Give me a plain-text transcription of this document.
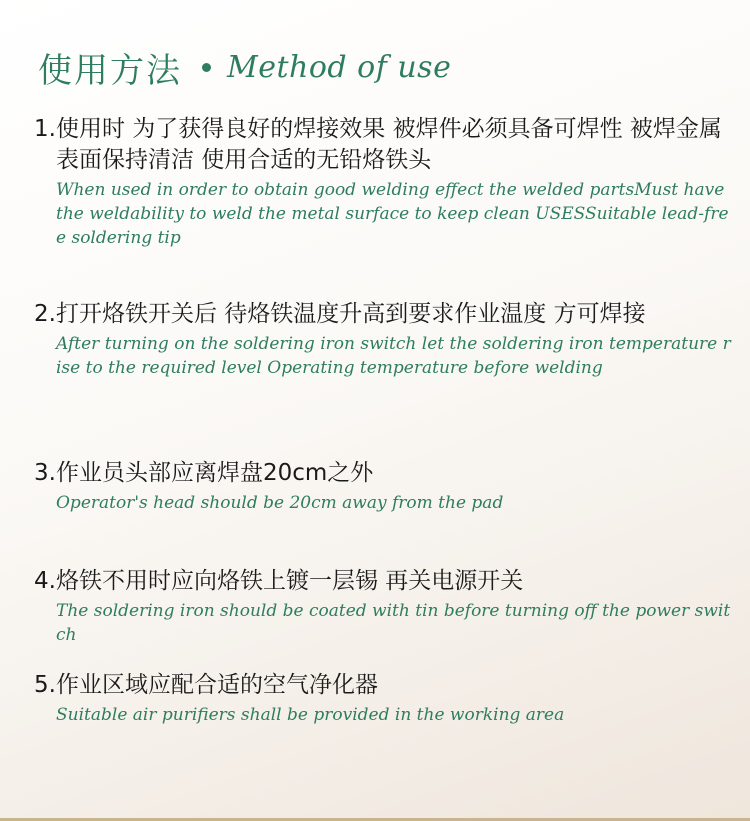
使用方法 Method of use
1.使用时 为了获得良好的焊接效果 被焊件必须具备可焊性 被焊金属表面保持清洁 使用合适的无铅烙铁头
When used in order to obtain good welding effect the welded partsMust have the weldability to weld the metal surface to keep clean USESSuitable lead-free soldering tip
2.打开烙铁开关后 待烙铁温度升高到要求作业温度 方可焊接
After turning on the soldering iron switch let the soldering iron temperature rise to the required level Operating temperature before welding
3.作业员头部应离焊盘20cm之外
Operator's head should be 20cm away from the pad
4.烙铁不用时应向烙铁上镀一层锡 再关电源开关
The soldering iron should be coated with tin before turning off the power switch
5.作业区域应配合适的空气净化器
Suitable air purifiers shall be provided in the working area
